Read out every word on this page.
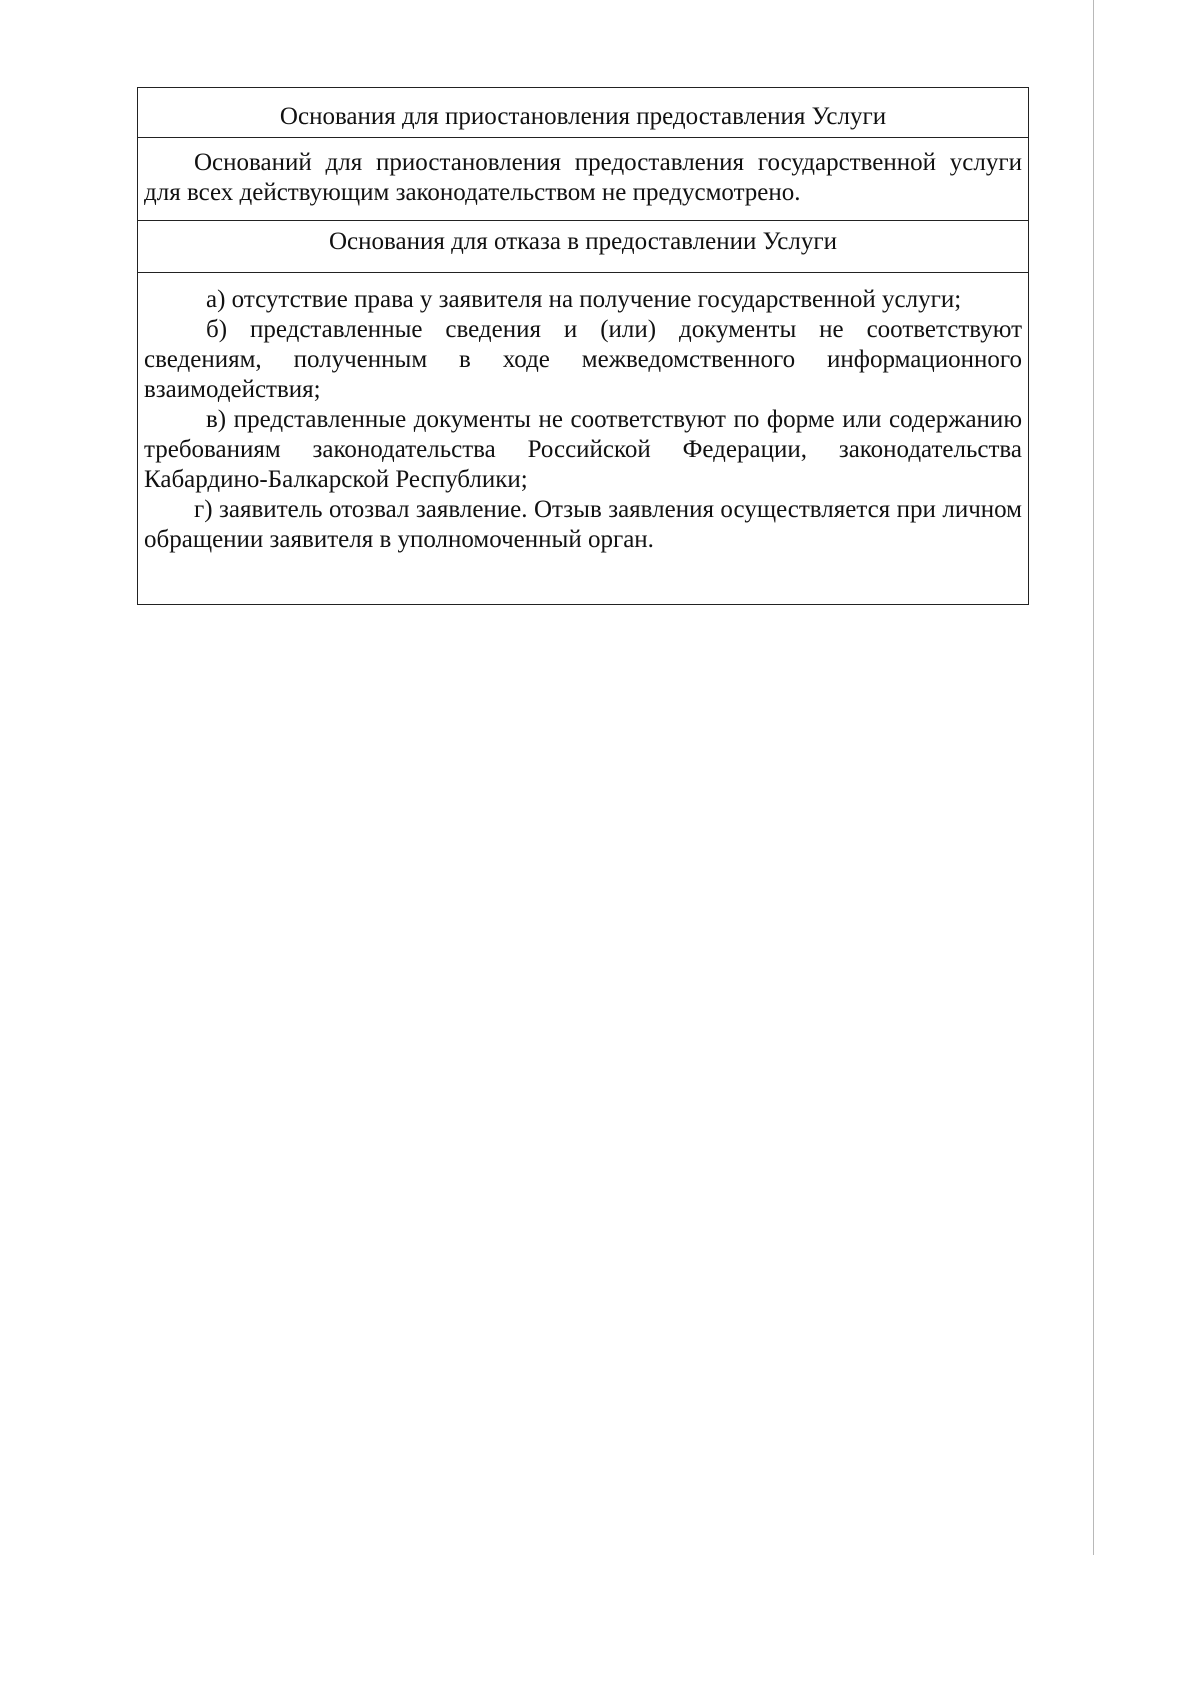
Основания для приостановления предоставления Услуги

Оснований для приостановления предоставления государственной услуги для всех действующим законодательством не предусмотрено.

Основания для отказа в предоставлении Услуги

а) отсутствие права у заявителя на получение государственной услуги;

б) представленные сведения и (или) документы не соответствуют сведениям, полученным в ходе межведомственного информационного взаимодействия;

в) представленные документы не соответствуют по форме или содержанию требованиям законодательства Российской Федерации, законодательства Кабардино-Балкарской Республики;

г) заявитель отозвал заявление. Отзыв заявления осуществляется при личном обращении заявителя в уполномоченный орган.
